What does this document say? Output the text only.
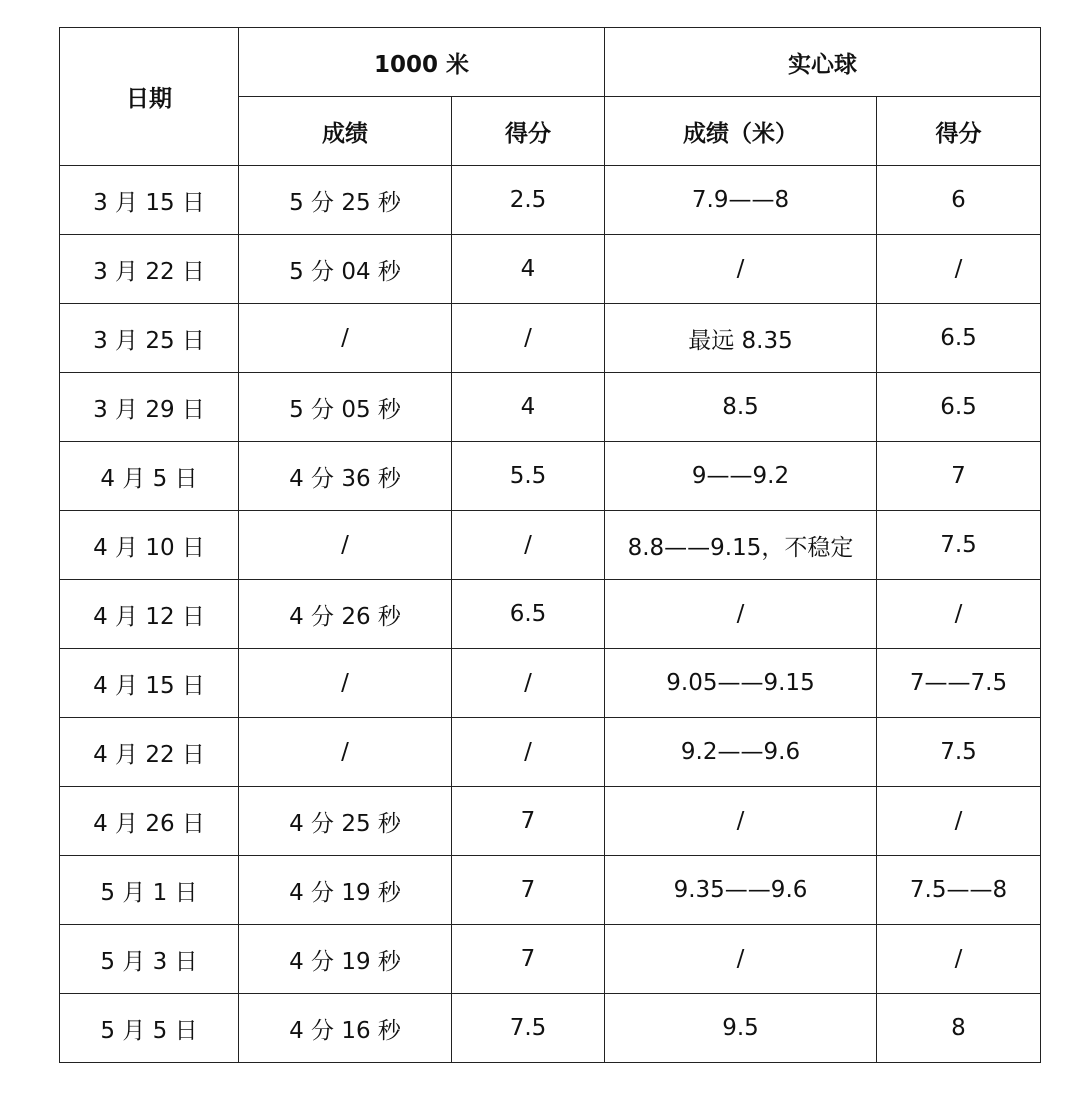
日期	1000 米		实心球	
	成绩	得分	成绩（米）	得分
3 月 15 日	5 分 25 秒	2.5	7.9——8	6
3 月 22 日	5 分 04 秒	4	/	/
3 月 25 日	/	/	最远 8.35	6.5
3 月 29 日	5 分 05 秒	4	8.5	6.5
4 月 5 日	4 分 36 秒	5.5	9——9.2	7
4 月 10 日	/	/	8.8——9.15，不稳定	7.5
4 月 12 日	4 分 26 秒	6.5	/	/
4 月 15 日	/	/	9.05——9.15	7——7.5
4 月 22 日	/	/	9.2——9.6	7.5
4 月 26 日	4 分 25 秒	7	/	/
5 月 1 日	4 分 19 秒	7	9.35——9.6	7.5——8
5 月 3 日	4 分 19 秒	7	/	/
5 月 5 日	4 分 16 秒	7.5	9.5	8
